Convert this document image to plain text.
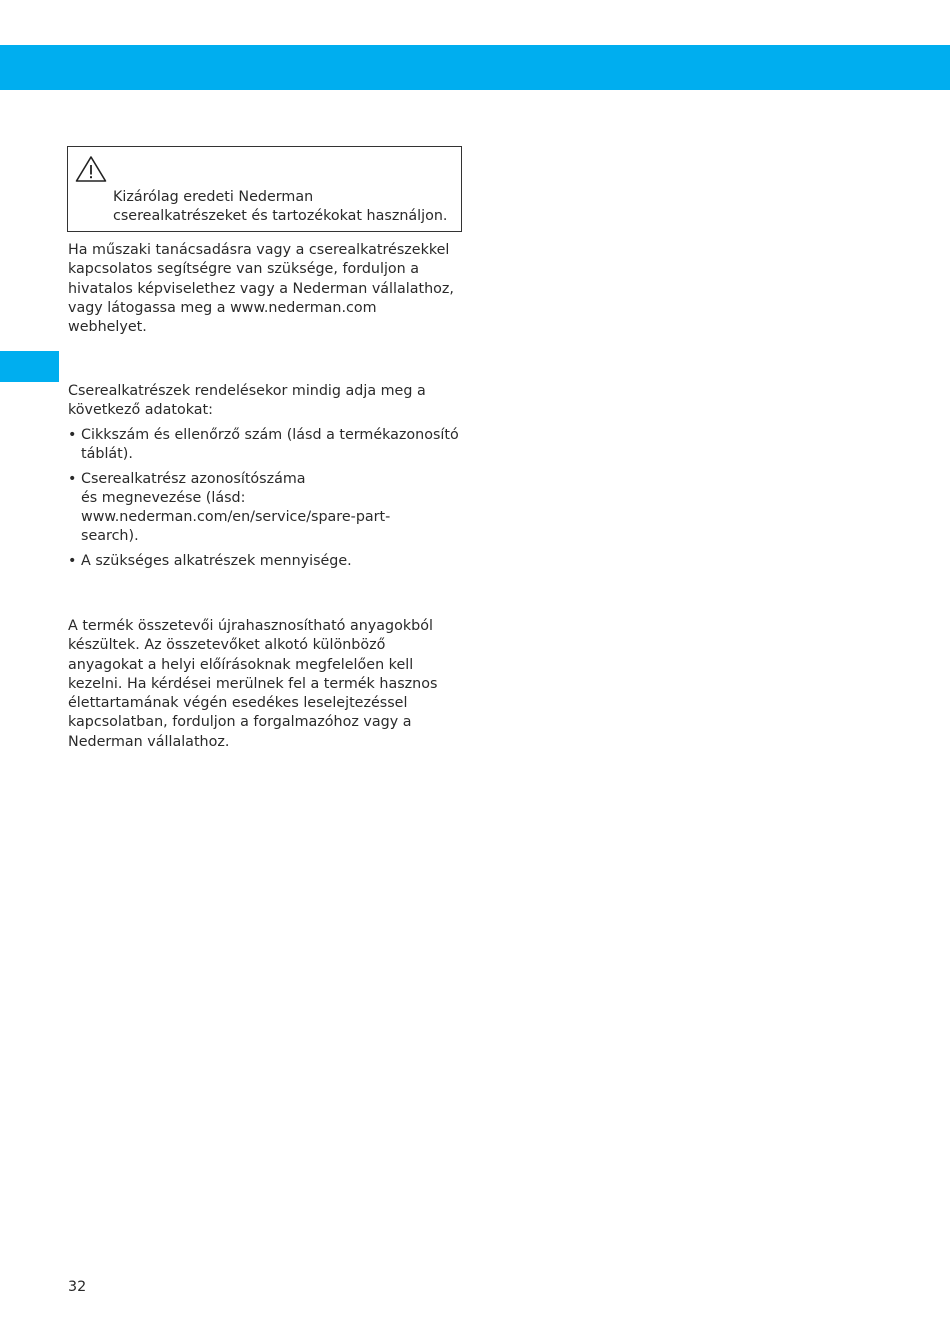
Kizárólag eredeti Nederman
cserealkatrészeket és tartozékokat használjon.
Ha műszaki tanácsadásra vagy a cserealkatrészekkel
kapcsolatos segítségre van szüksége, forduljon a
hivatalos képviselethez vagy a Nederman vállalathoz,
vagy látogassa meg a www.nederman.com
webhelyet.
Cserealkatrészek rendelésekor mindig adja meg a
következő adatokat:
• Cikkszám és ellenőrző szám (lásd a termékazonosító
táblát).
• Cserealkatrész azonosítószáma
és megnevezése (lásd:
www.nederman.com/en/service/spare-part-
search).
• A szükséges alkatrészek mennyisége.
A termék összetevői újrahasznosítható anyagokból
készültek. Az összetevőket alkotó különböző
anyagokat a helyi előírásoknak megfelelően kell
kezelni. Ha kérdései merülnek fel a termék hasznos
élettartamának végén esedékes leselejtezéssel
kapcsolatban, forduljon a forgalmazóhoz vagy a
Nederman vállalathoz.
32
